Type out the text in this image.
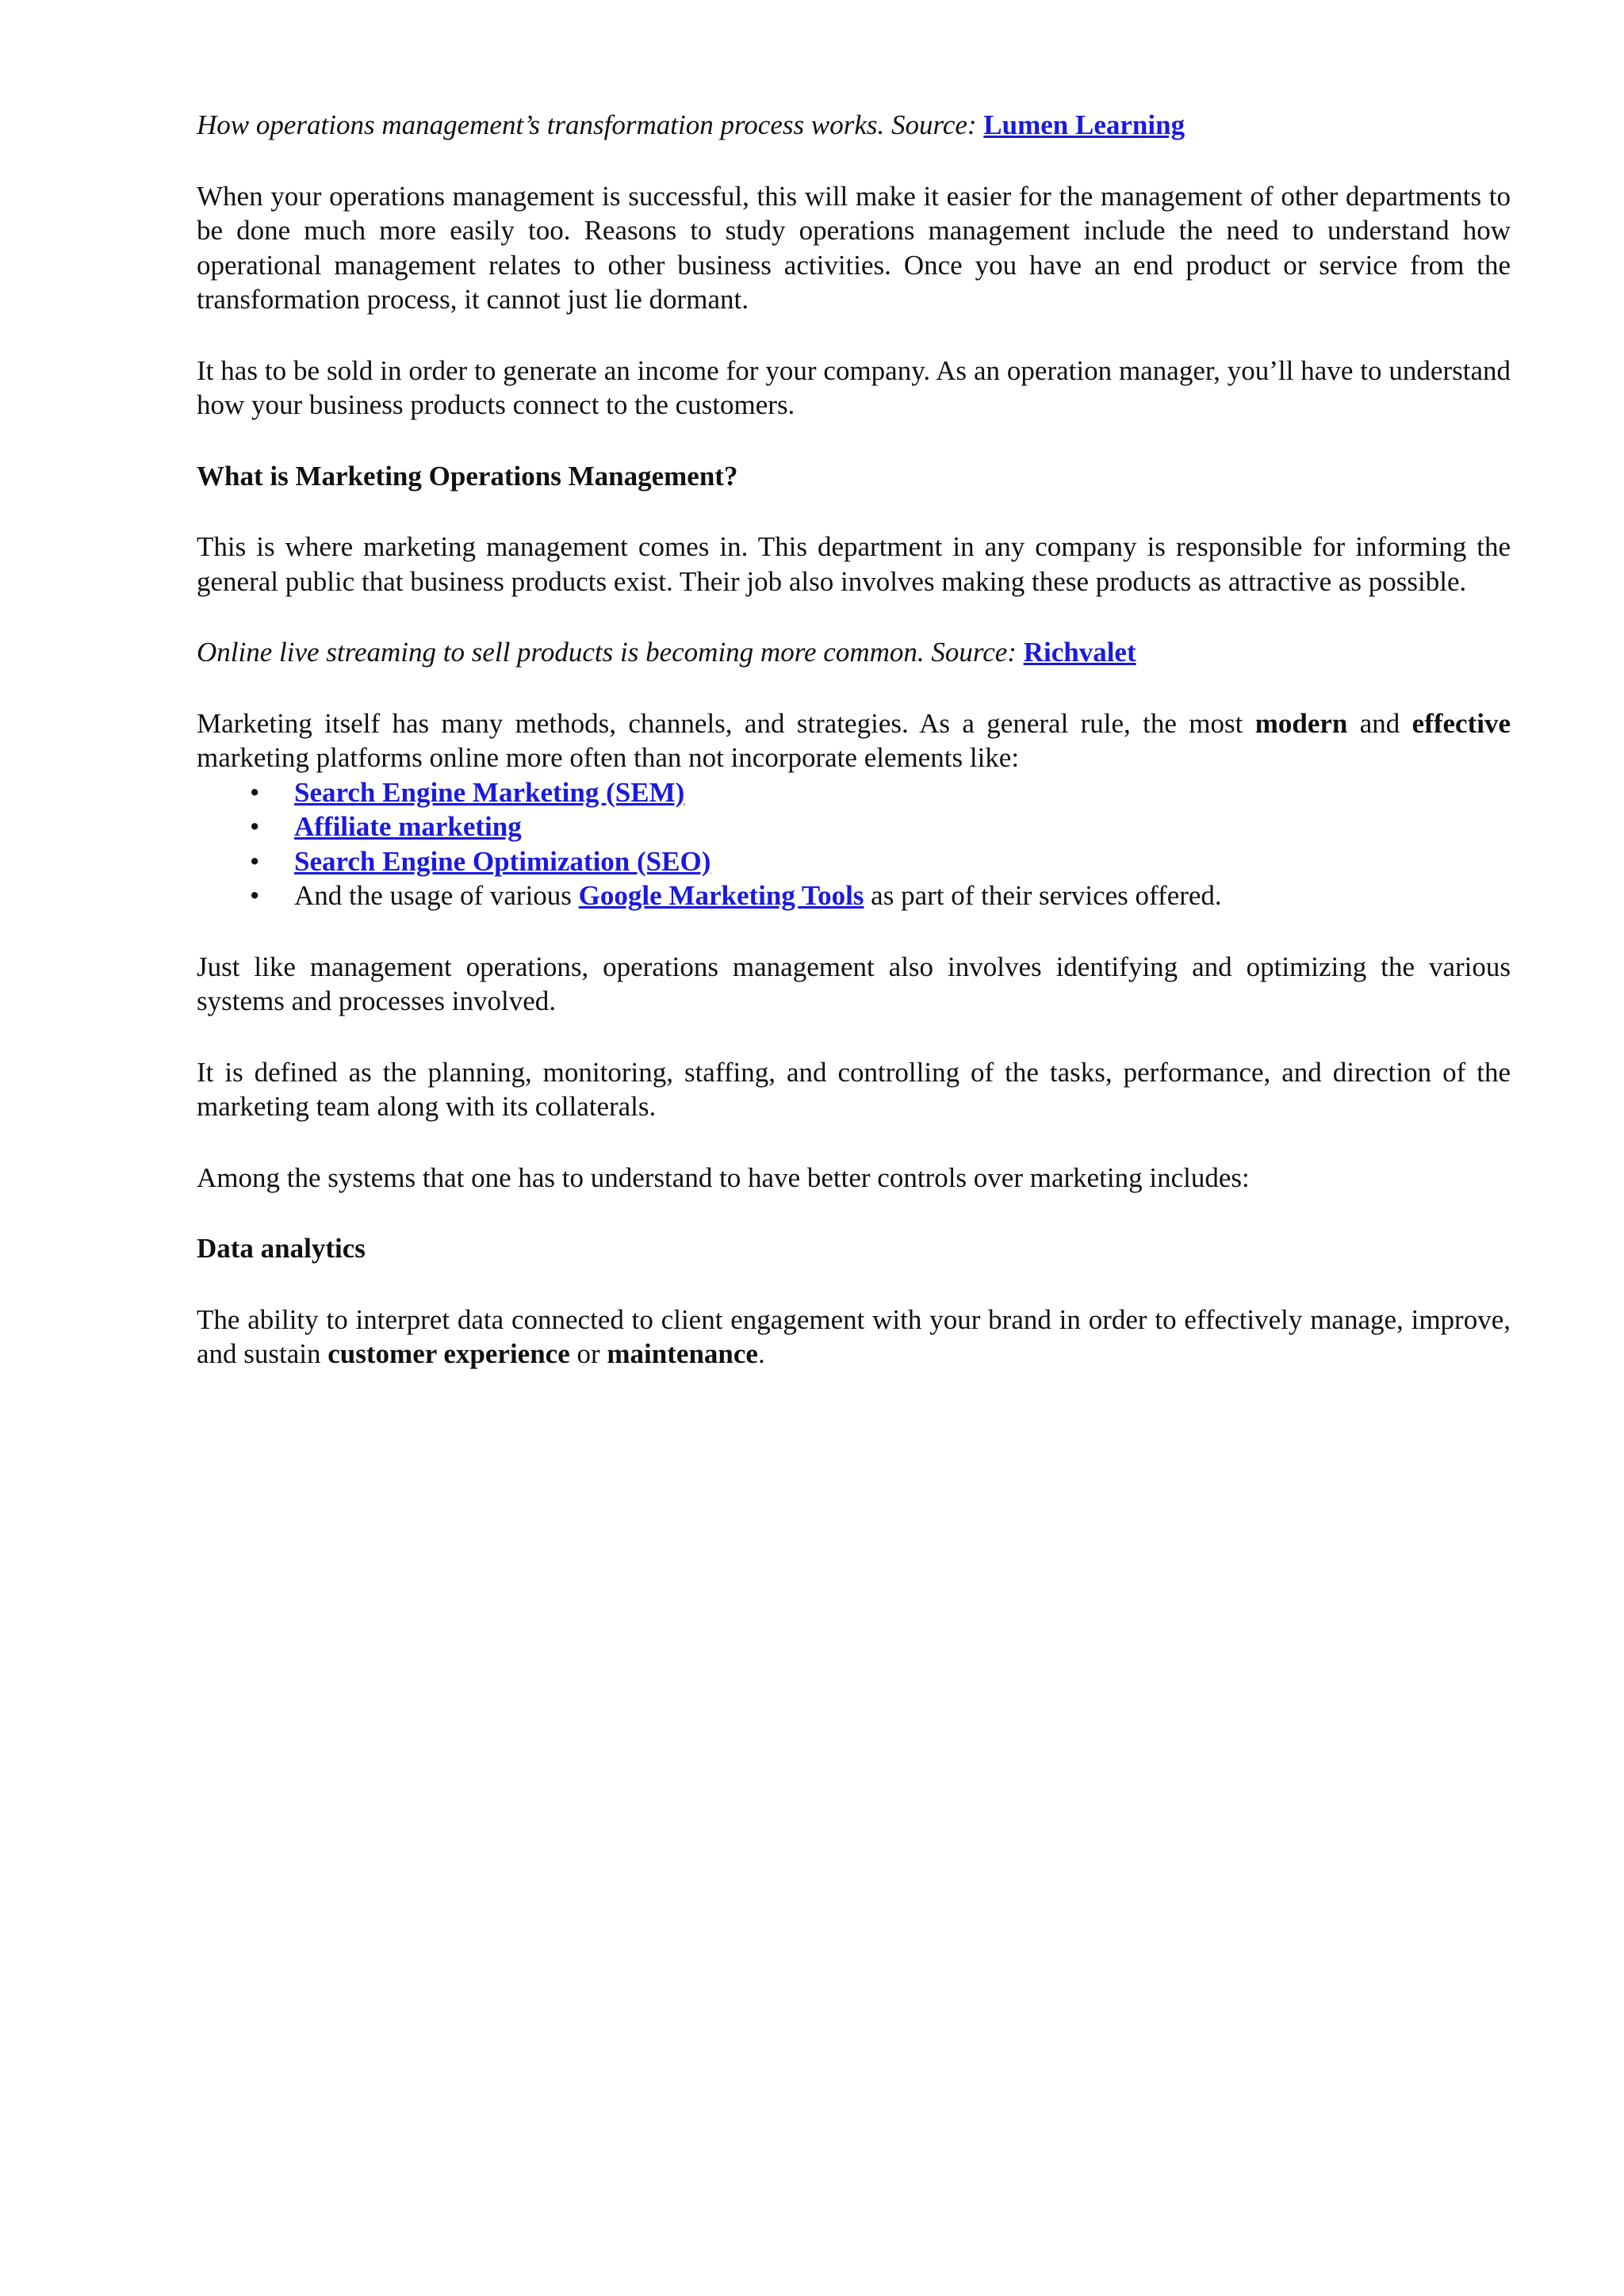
How operations management’s transformation process works. Source: Lumen Learning

When your operations management is successful, this will make it easier for the management of other departments to be done much more easily too. Reasons to study operations management include the need to understand how operational management relates to other business activities. Once you have an end product or service from the transformation process, it cannot just lie dormant.

It has to be sold in order to generate an income for your company. As an operation manager, you’ll have to understand how your business products connect to the customers.

What is Marketing Operations Management?

This is where marketing management comes in. This department in any company is responsible for informing the general public that business products exist. Their job also involves making these products as attractive as possible.

Online live streaming to sell products is becoming more common. Source: Richvalet

Marketing itself has many methods, channels, and strategies. As a general rule, the most modern and effective marketing platforms online more often than not incorporate elements like:

• Search Engine Marketing (SEM)
• Affiliate marketing
• Search Engine Optimization (SEO)
• And the usage of various Google Marketing Tools as part of their services offered.

Just like management operations, operations management also involves identifying and optimizing the various systems and processes involved.

It is defined as the planning, monitoring, staffing, and controlling of the tasks, performance, and direction of the marketing team along with its collaterals.

Among the systems that one has to understand to have better controls over marketing includes:

Data analytics

The ability to interpret data connected to client engagement with your brand in order to effectively manage, improve, and sustain customer experience or maintenance.
